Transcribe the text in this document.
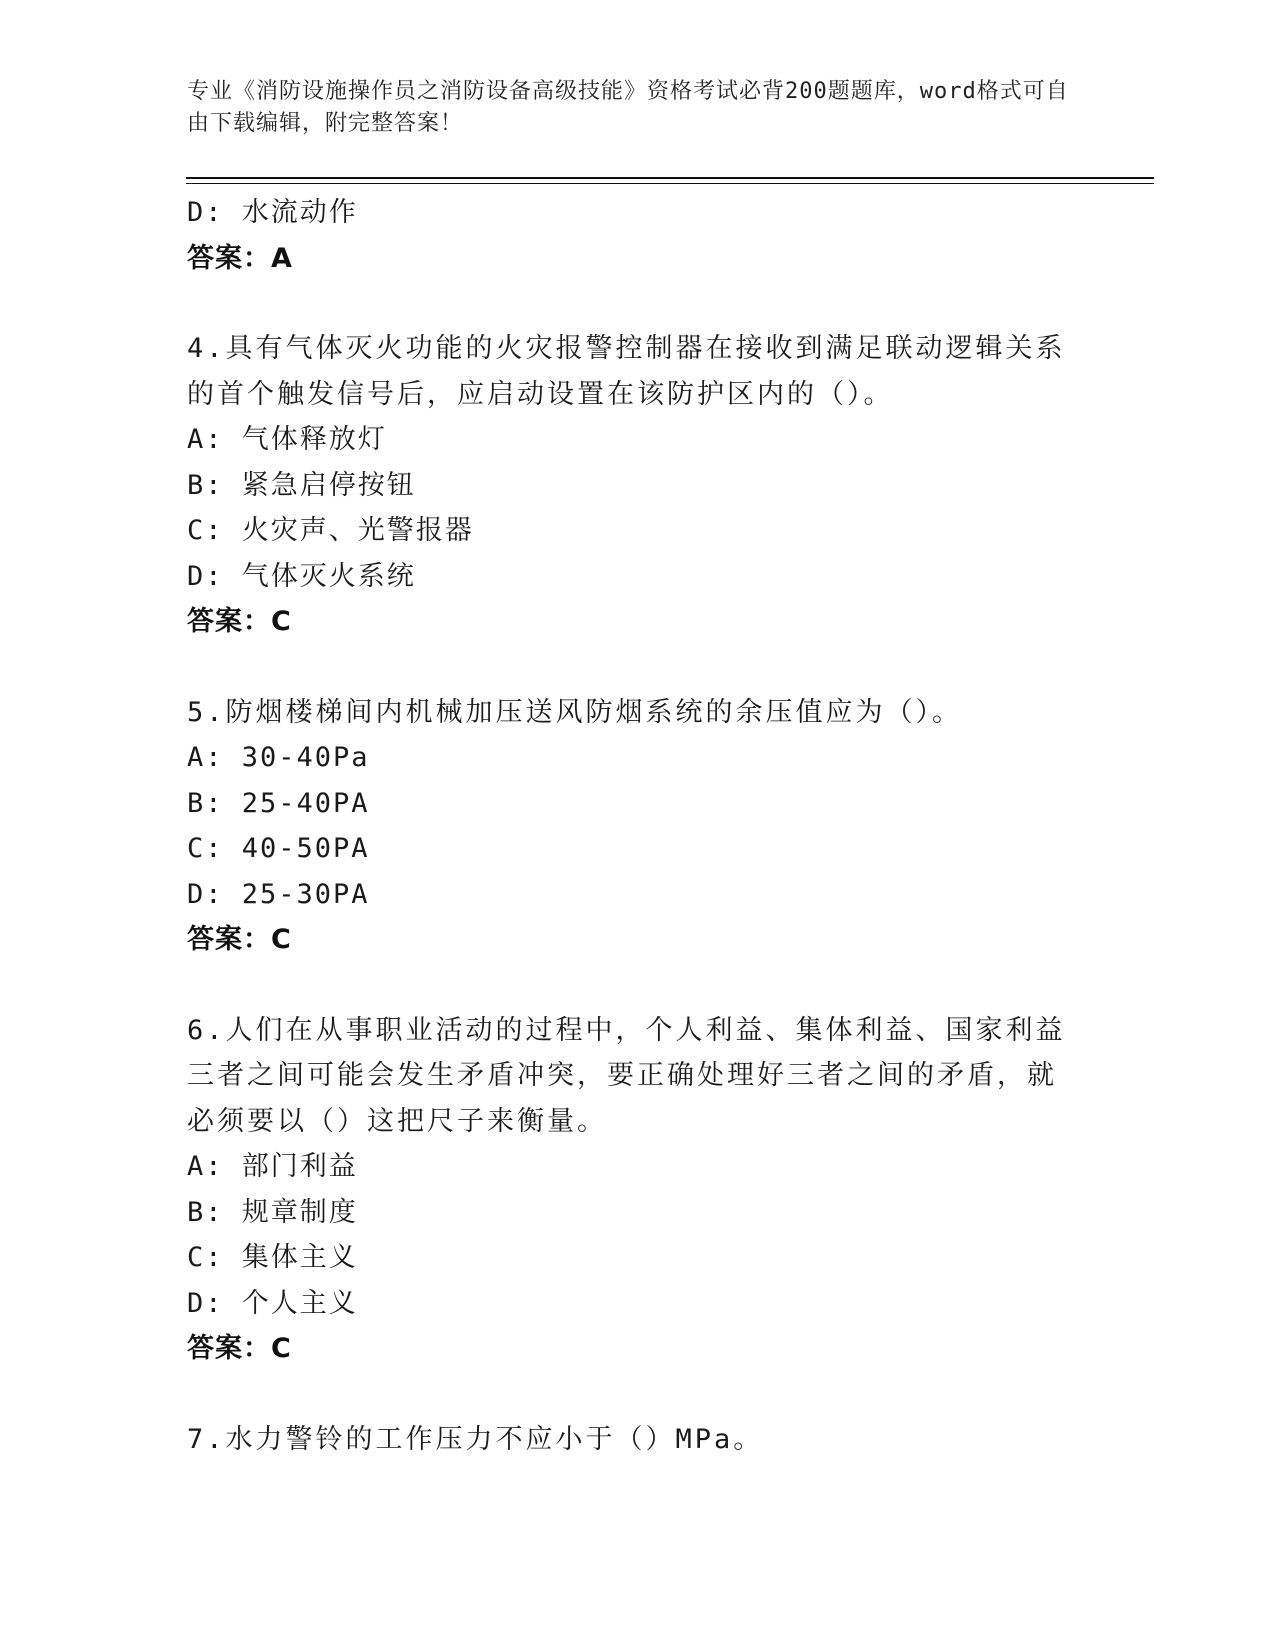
专业《消防设施操作员之消防设备高级技能》资格考试必背200题题库，word格式可自由下载编辑，附完整答案！
D: 水流动作
答案：A
4.具有气体灭火功能的火灾报警控制器在接收到满足联动逻辑关系的首个触发信号后，应启动设置在该防护区内的（）。
A: 气体释放灯
B: 紧急启停按钮
C: 火灾声、光警报器
D: 气体灭火系统
答案：C
5.防烟楼梯间内机械加压送风防烟系统的余压值应为（）。
A: 30-40Pa
B: 25-40PA
C: 40-50PA
D: 25-30PA
答案：C
6.人们在从事职业活动的过程中，个人利益、集体利益、国家利益三者之间可能会发生矛盾冲突，要正确处理好三者之间的矛盾，就必须要以（）这把尺子来衡量。
A: 部门利益
B: 规章制度
C: 集体主义
D: 个人主义
答案：C
7.水力警铃的工作压力不应小于（）MPa。
